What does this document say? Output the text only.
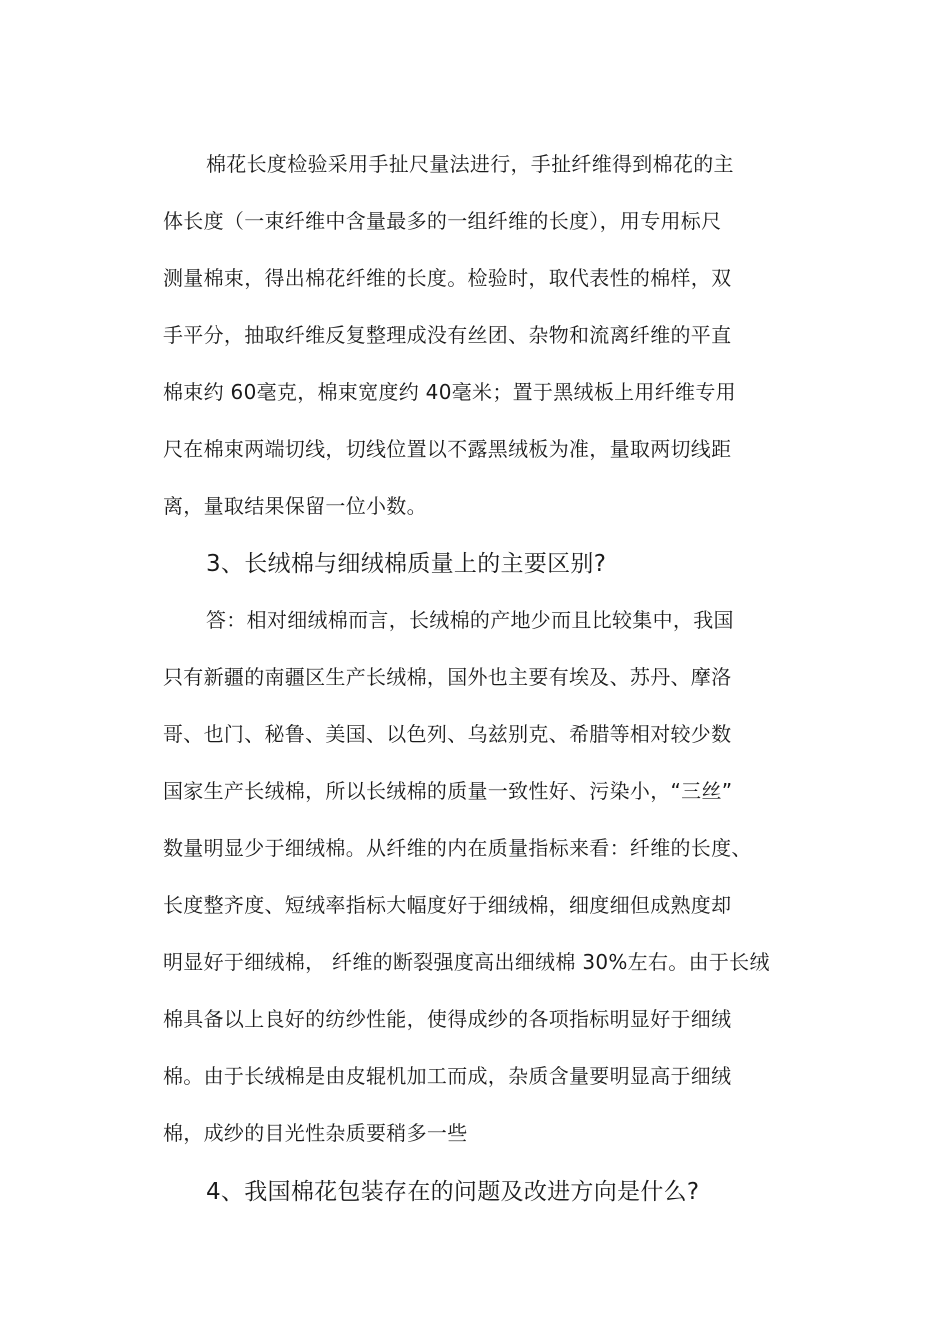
棉花长度检验采用手扯尺量法进行，手扯纤维得到棉花的主
体长度（一束纤维中含量最多的一组纤维的长度），用专用标尺
测量棉束，得出棉花纤维的长度。检验时，取代表性的棉样，双
手平分，抽取纤维反复整理成没有丝团、杂物和流离纤维的平直
棉束约 60毫克，棉束宽度约 40毫米；置于黑绒板上用纤维专用
尺在棉束两端切线，切线位置以不露黑绒板为准，量取两切线距
离，量取结果保留一位小数。
3、长绒棉与细绒棉质量上的主要区别?
答：相对细绒棉而言，长绒棉的产地少而且比较集中，我国
只有新疆的南疆区生产长绒棉，国外也主要有埃及、苏丹、摩洛
哥、也门、秘鲁、美国、以色列、乌兹别克、希腊等相对较少数
国家生产长绒棉，所以长绒棉的质量一致性好、污染小，“三丝”
数量明显少于细绒棉。从纤维的内在质量指标来看：纤维的长度、
长度整齐度、短绒率指标大幅度好于细绒棉，细度细但成熟度却
明显好于细绒棉， 纤维的断裂强度高出细绒棉 30%左右。由于长绒
棉具备以上良好的纺纱性能，使得成纱的各项指标明显好于细绒
棉。由于长绒棉是由皮辊机加工而成，杂质含量要明显高于细绒
棉，成纱的目光性杂质要稍多一些
4、我国棉花包装存在的问题及改进方向是什么?
